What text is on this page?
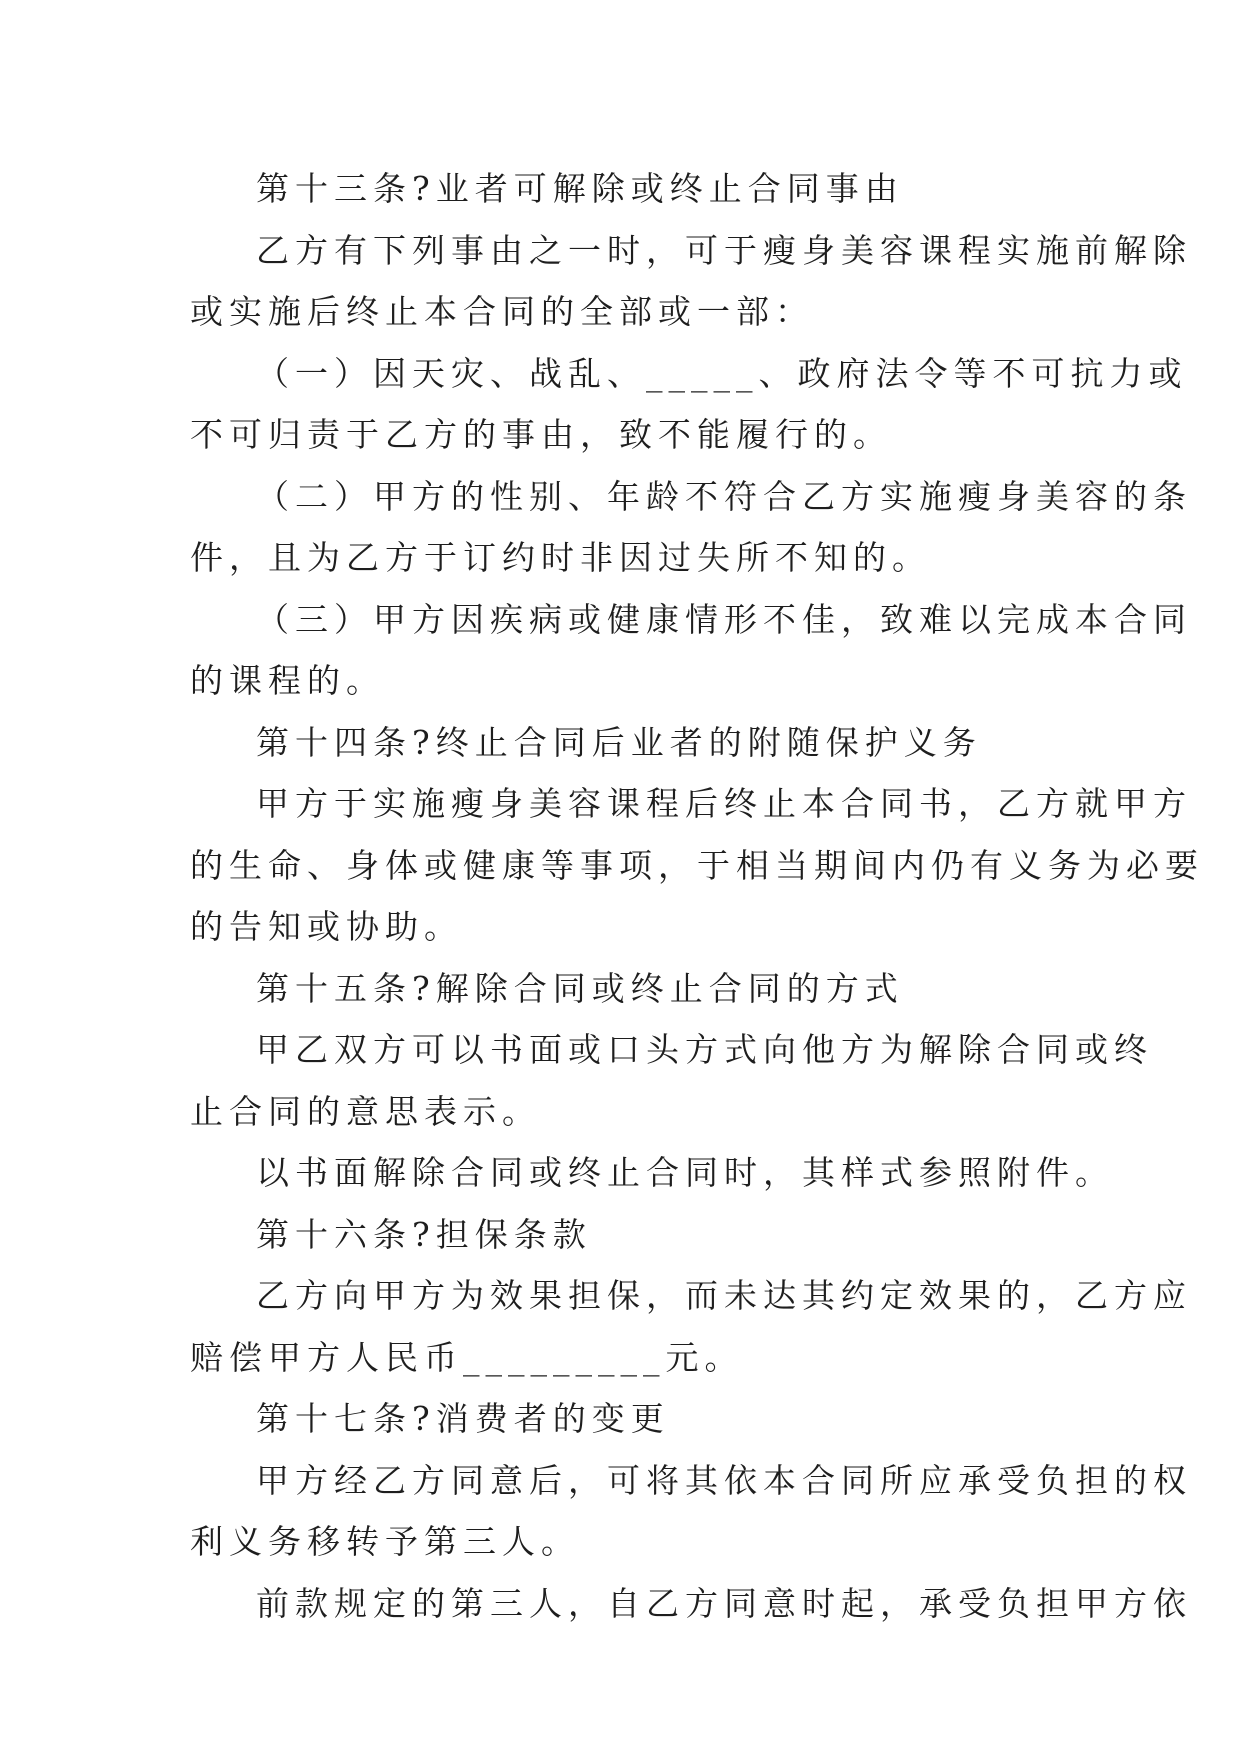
第十三条?业者可解除或终止合同事由
乙方有下列事由之一时，可于瘦身美容课程实施前解除
或实施后终止本合同的全部或一部：
（一）因天灾、战乱、_____、政府法令等不可抗力或
不可归责于乙方的事由，致不能履行的。
（二）甲方的性别、年龄不符合乙方实施瘦身美容的条
件，且为乙方于订约时非因过失所不知的。
（三）甲方因疾病或健康情形不佳，致难以完成本合同
的课程的。
第十四条?终止合同后业者的附随保护义务
甲方于实施瘦身美容课程后终止本合同书，乙方就甲方
的生命、身体或健康等事项，于相当期间内仍有义务为必要
的告知或协助。
第十五条?解除合同或终止合同的方式
甲乙双方可以书面或口头方式向他方为解除合同或终
止合同的意思表示。
以书面解除合同或终止合同时，其样式参照附件。
第十六条?担保条款
乙方向甲方为效果担保，而未达其约定效果的，乙方应
赔偿甲方人民币_________元。
第十七条?消费者的变更
甲方经乙方同意后，可将其依本合同所应承受负担的权
利义务移转予第三人。
前款规定的第三人，自乙方同意时起，承受负担甲方依
